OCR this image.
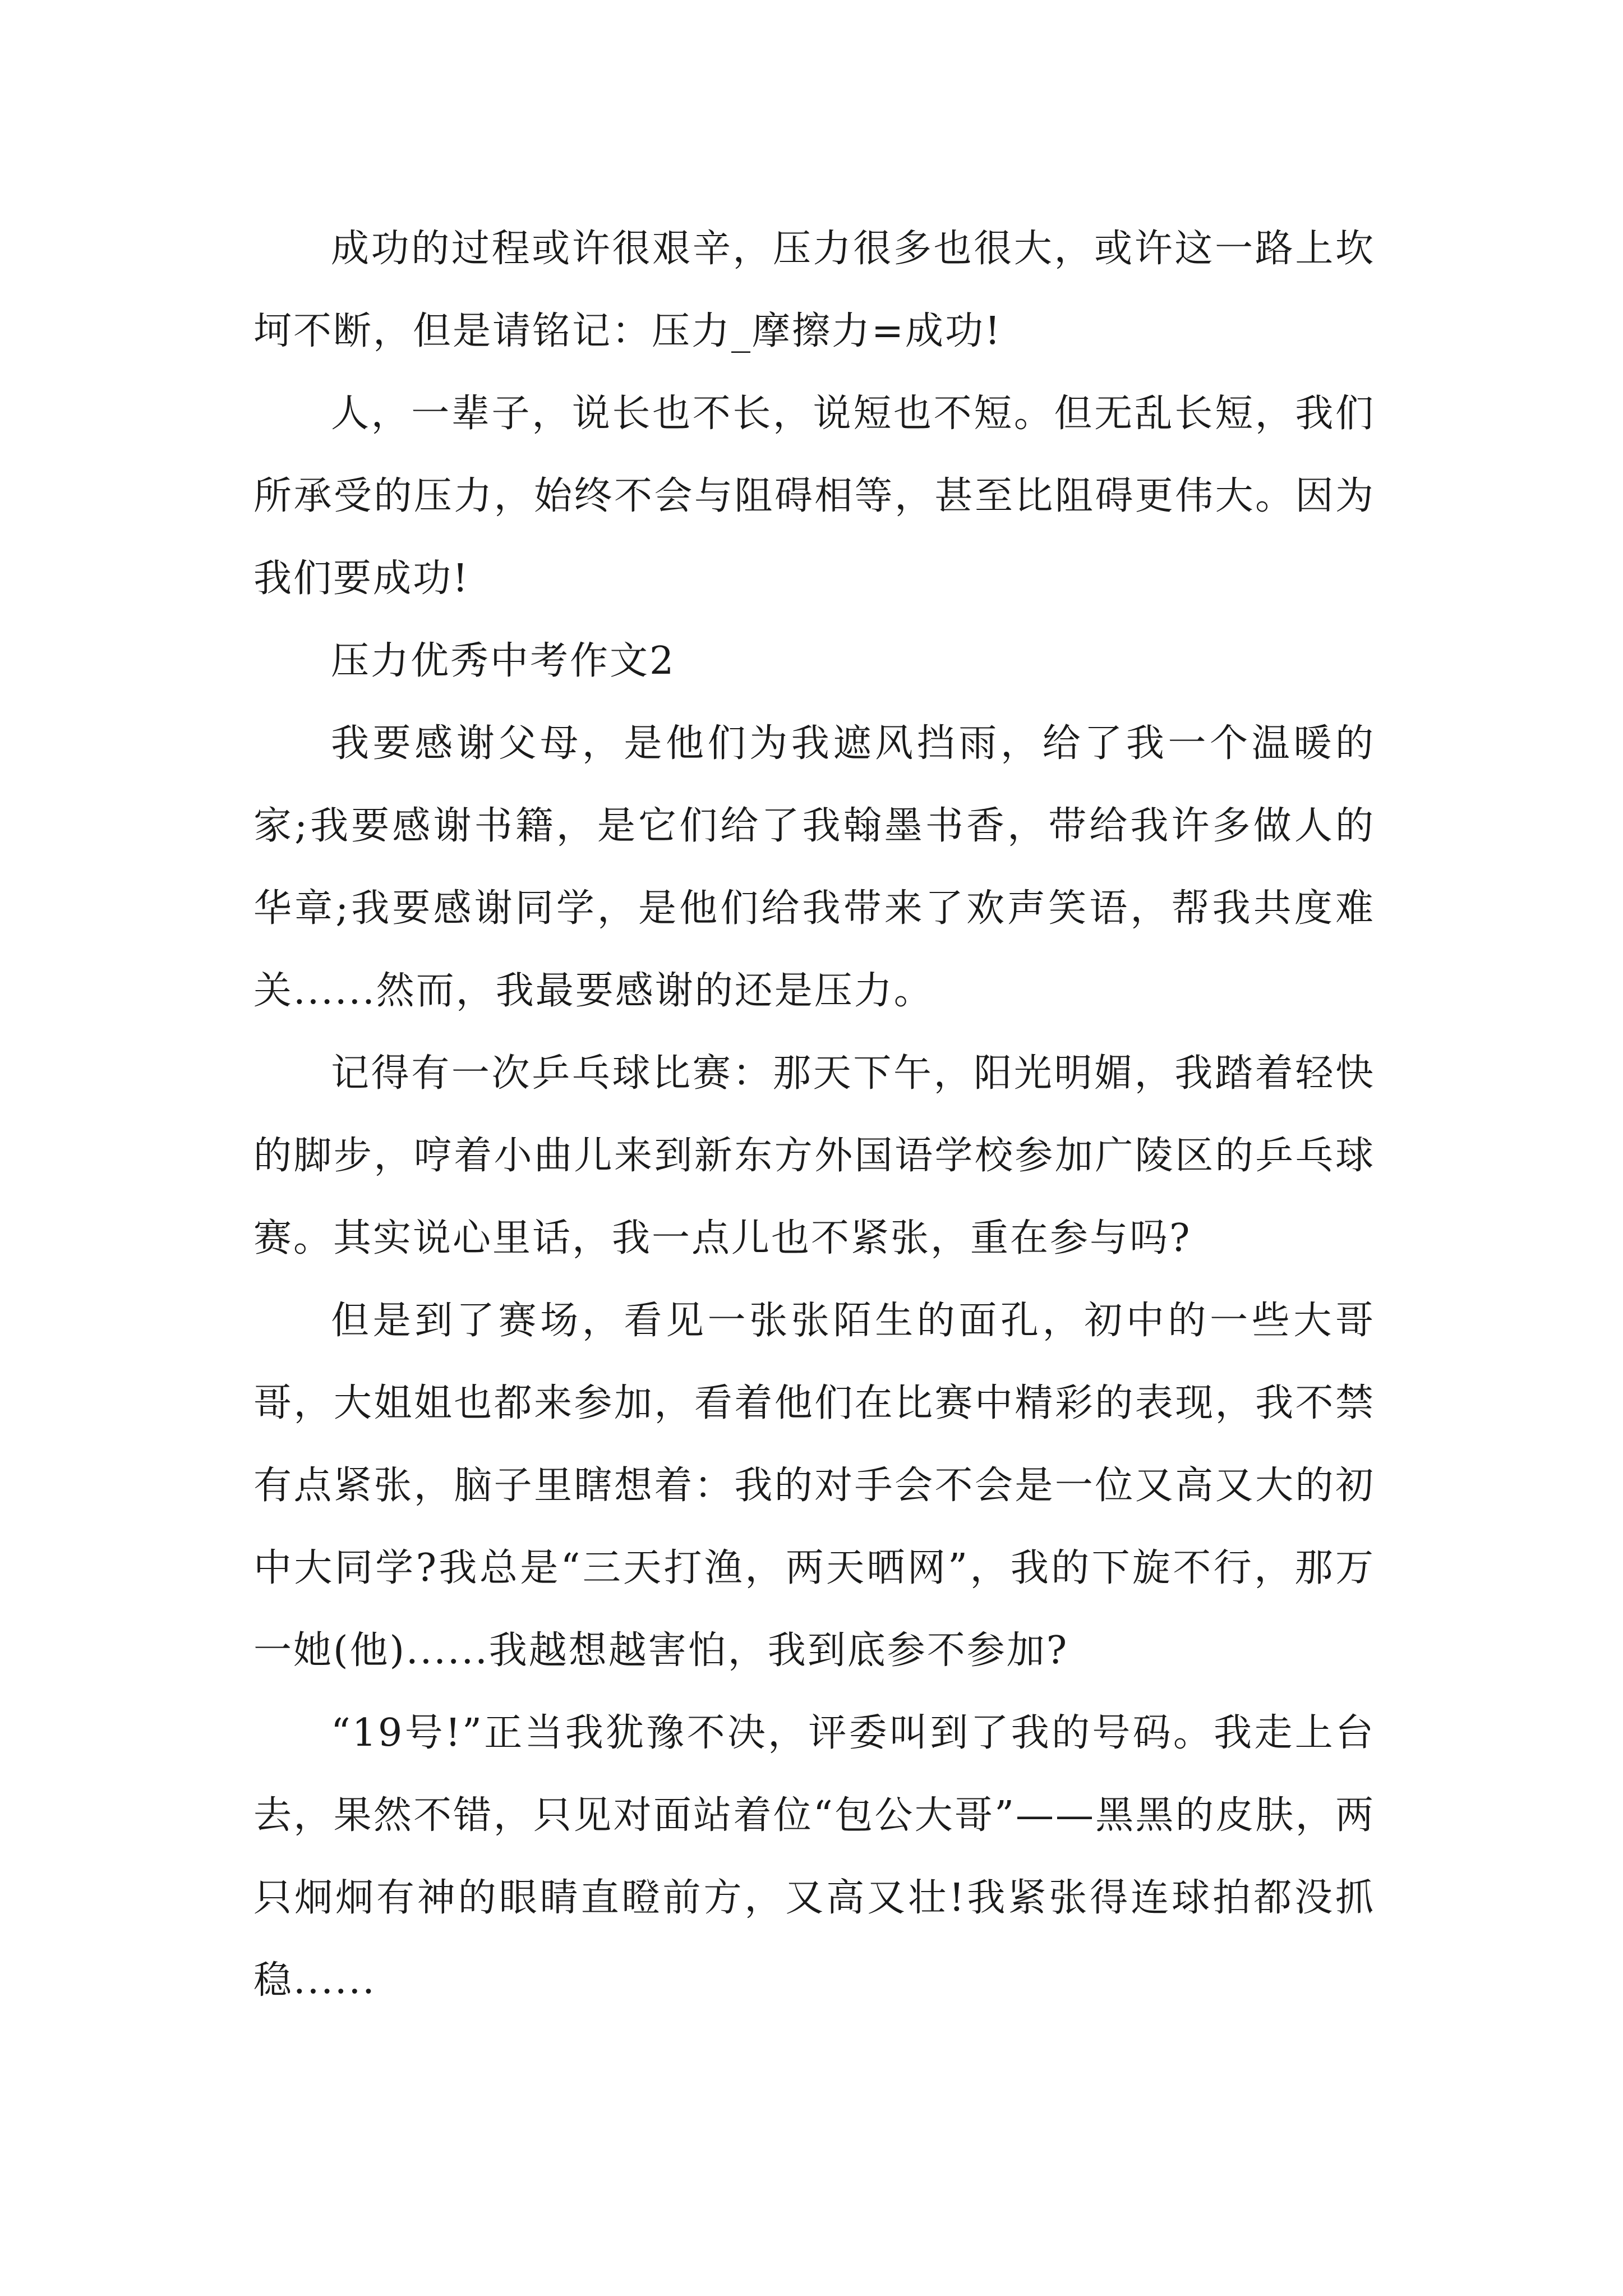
成功的过程或许很艰辛，压力很多也很大，或许这一路上坎坷不断，但是请铭记：压力_摩擦力=成功!

人，一辈子，说长也不长，说短也不短。但无乱长短，我们所承受的压力，始终不会与阻碍相等，甚至比阻碍更伟大。因为我们要成功!

压力优秀中考作文2

我要感谢父母，是他们为我遮风挡雨，给了我一个温暖的家;我要感谢书籍，是它们给了我翰墨书香，带给我许多做人的华章;我要感谢同学，是他们给我带来了欢声笑语，帮我共度难关......然而，我最要感谢的还是压力。

记得有一次乒乓球比赛：那天下午，阳光明媚，我踏着轻快的脚步，哼着小曲儿来到新东方外国语学校参加广陵区的乒乓球赛。其实说心里话，我一点儿也不紧张，重在参与吗?

但是到了赛场，看见一张张陌生的面孔，初中的一些大哥哥，大姐姐也都来参加，看着他们在比赛中精彩的表现，我不禁有点紧张，脑子里瞎想着：我的对手会不会是一位又高又大的初中大同学?我总是“三天打渔，两天晒网”，我的下旋不行，那万一她(他)......我越想越害怕，我到底参不参加?

“19号!”正当我犹豫不决，评委叫到了我的号码。我走上台去，果然不错，只见对面站着位“包公大哥”——黑黑的皮肤，两只炯炯有神的眼睛直瞪前方，又高又壮!我紧张得连球拍都没抓稳......
